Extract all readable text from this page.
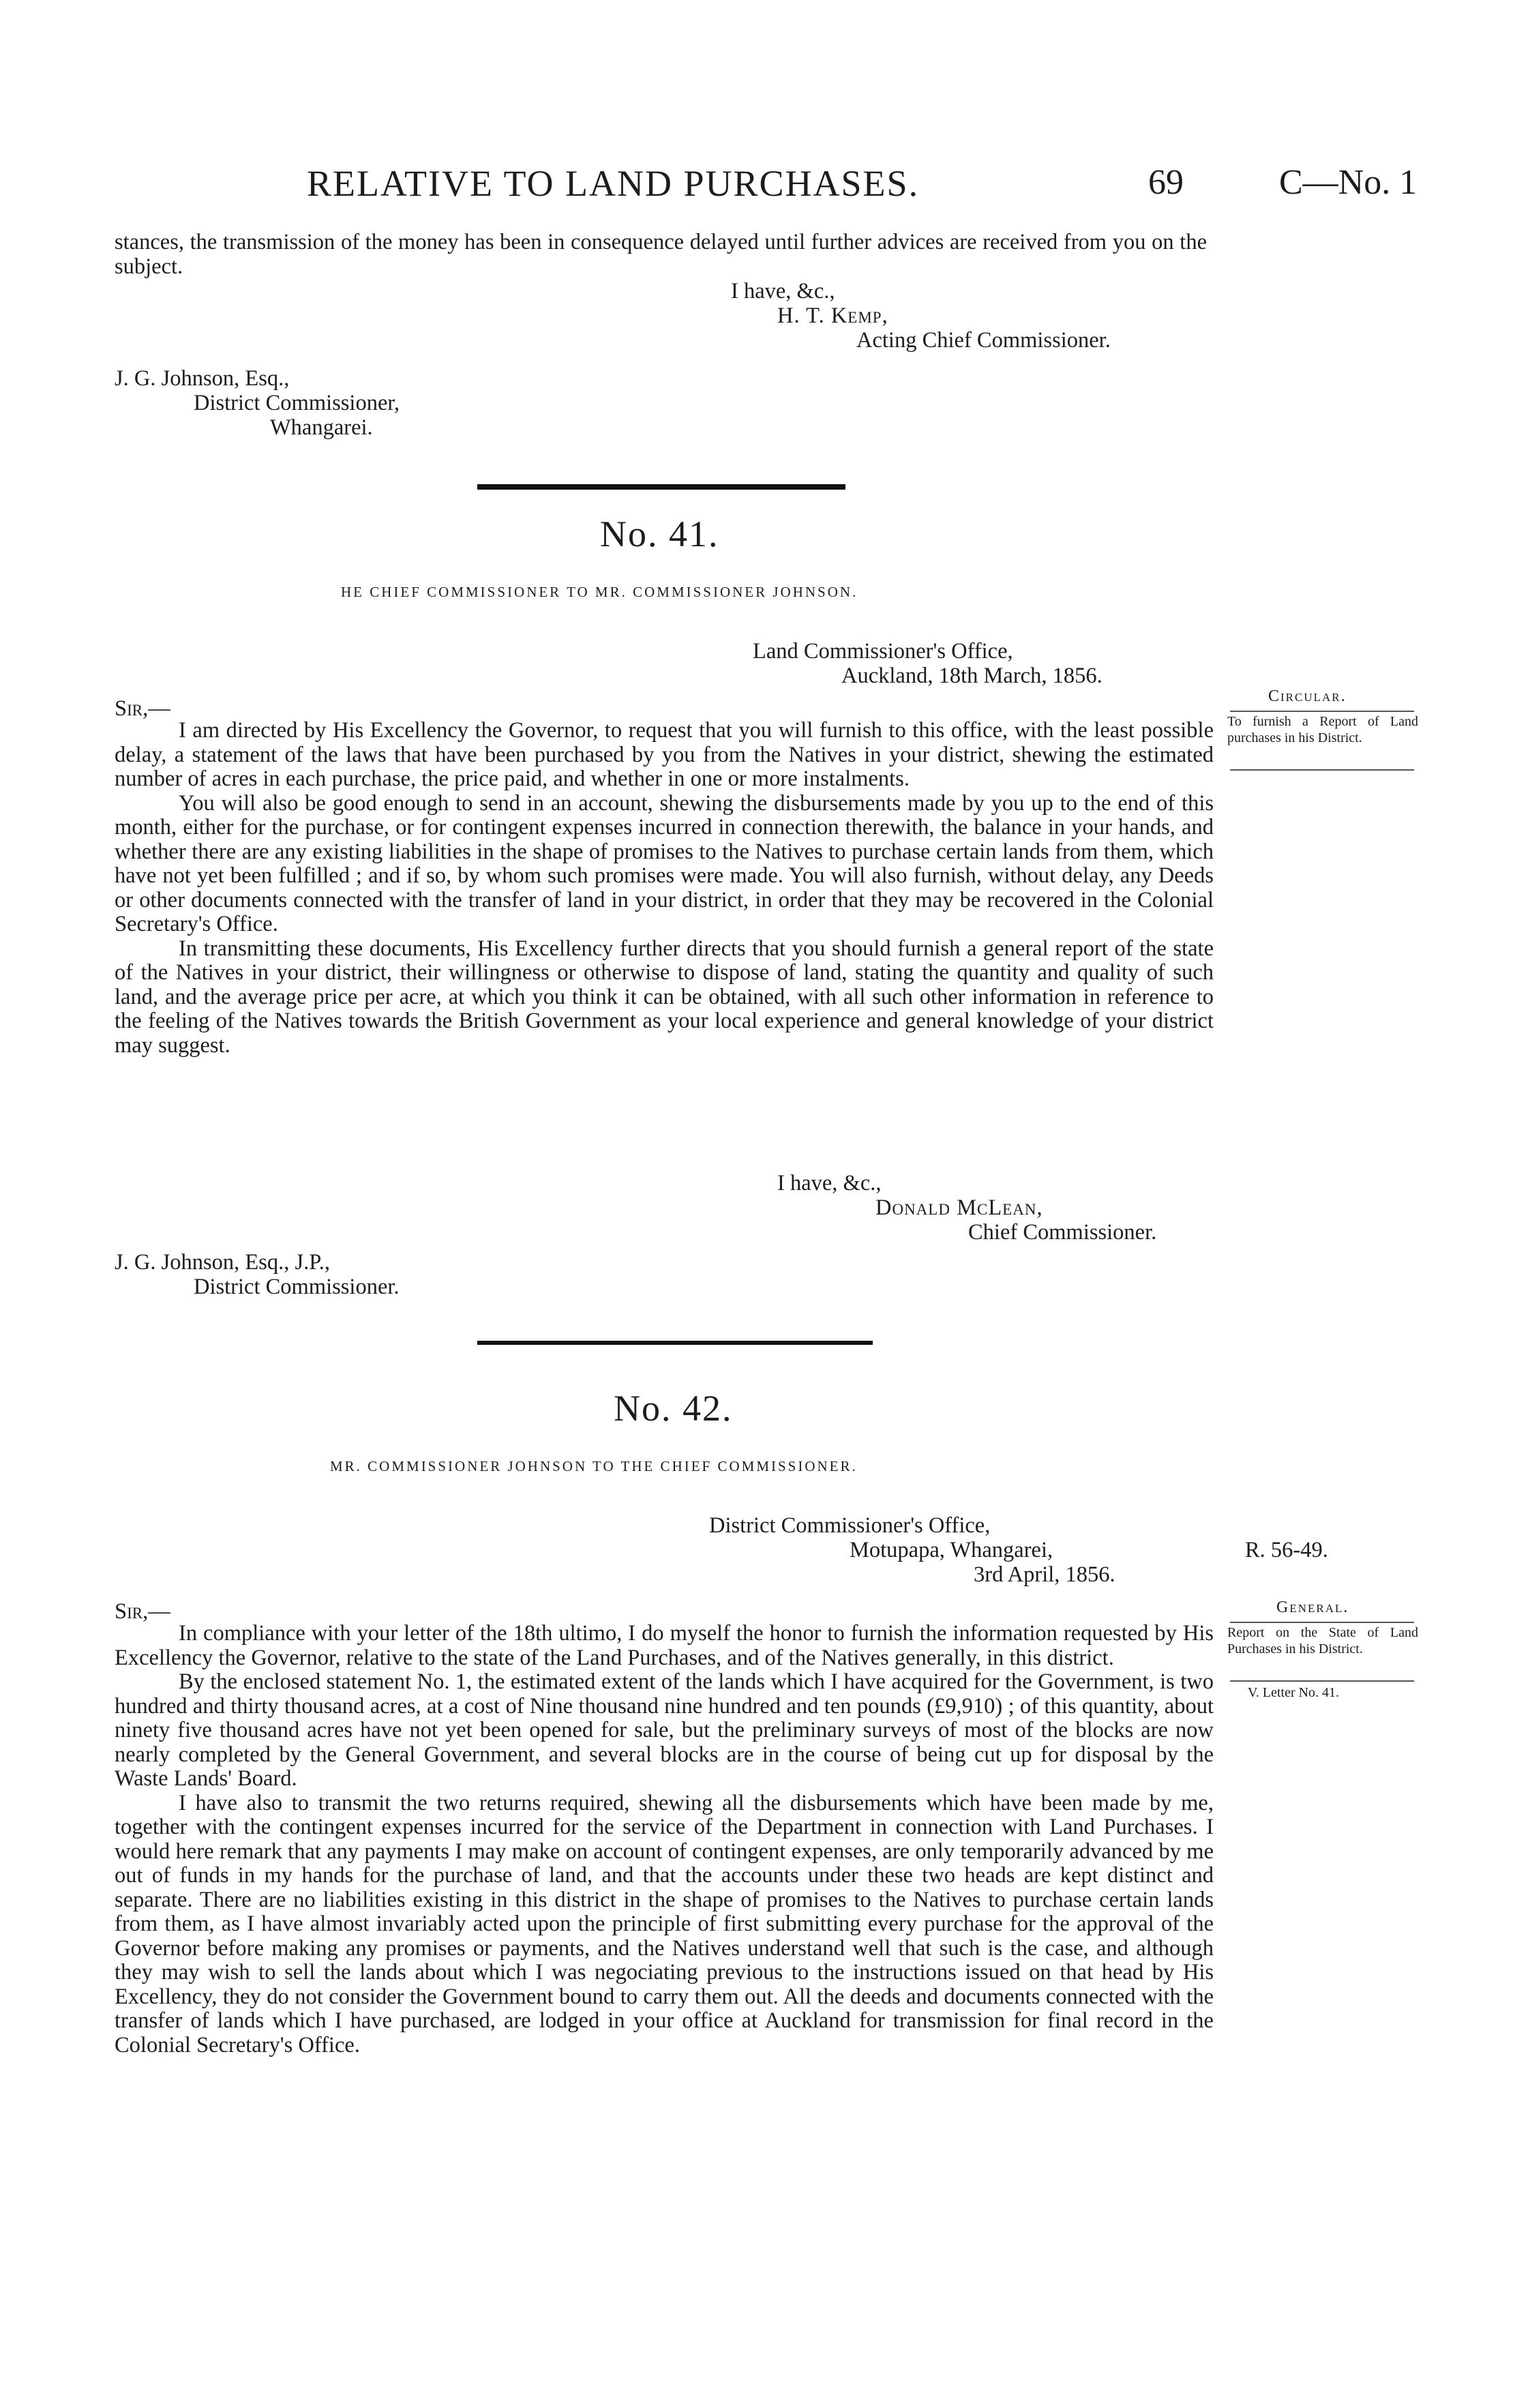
RELATIVE TO LAND PURCHASES.	69	C—No. 1

stances, the transmission of the money has been in consequence delayed until further advices are received from you on the subject.

I have, &c.,
H. T. Kemp,
Acting Chief Commissioner.
J. G. Johnson, Esq.,
District Commissioner,
Whangarei.
No. 41.
HE CHIEF COMMISSIONER TO MR. COMMISSIONER JOHNSON.
Land Commissioner's Office,
Auckland, 18th March, 1856.
Circular.
To furnish a Report of Land purchases in his District.
Sir,—

I am directed by His Excellency the Governor, to request that you will furnish to this office, with the least possible delay, a statement of the laws that have been purchased by you from the Natives in your district, shewing the estimated number of acres in each purchase, the price paid, and whether in one or more instalments.

You will also be good enough to send in an account, shewing the disbursements made by you up to the end of this month, either for the purchase, or for contingent expenses incurred in connection therewith, the balance in your hands, and whether there are any existing liabilities in the shape of promises to the Natives to purchase certain lands from them, which have not yet been fulfilled ; and if so, by whom such promises were made. You will also furnish, without delay, any Deeds or other documents connected with the transfer of land in your district, in order that they may be recovered in the Colonial Secretary's Office.

In transmitting these documents, His Excellency further directs that you should furnish a general report of the state of the Natives in your district, their willingness or otherwise to dispose of land, stating the quantity and quality of such land, and the average price per acre, at which you think it can be obtained, with all such other information in reference to the feeling of the Natives towards the British Government as your local experience and general knowledge of your district may suggest.

I have, &c.,
Donald McLean,
Chief Commissioner.
J. G. Johnson, Esq., J.P.,
District Commissioner.
No. 42.
MR. COMMISSIONER JOHNSON TO THE CHIEF COMMISSIONER.
District Commissioner's Office,
Motupapa, Whangarei,
3rd April, 1856.
R. 56-49.
General.
Report on the State of Land Purchases in his District.
V. Letter No. 41.
Sir,—

In compliance with your letter of the 18th ultimo, I do myself the honor to furnish the information requested by His Excellency the Governor, relative to the state of the Land Purchases, and of the Natives generally, in this district.

By the enclosed statement No. 1, the estimated extent of the lands which I have acquired for the Government, is two hundred and thirty thousand acres, at a cost of Nine thousand nine hundred and ten pounds (£9,910) ; of this quantity, about ninety five thousand acres have not yet been opened for sale, but the preliminary surveys of most of the blocks are now nearly completed by the General Government, and several blocks are in the course of being cut up for disposal by the Waste Lands' Board.

I have also to transmit the two returns required, shewing all the disbursements which have been made by me, together with the contingent expenses incurred for the service of the Department in connection with Land Purchases. I would here remark that any payments I may make on account of contingent expenses, are only temporarily advanced by me out of funds in my hands for the purchase of land, and that the accounts under these two heads are kept distinct and separate. There are no liabilities existing in this district in the shape of promises to the Natives to purchase certain lands from them, as I have almost invariably acted upon the principle of first submitting every purchase for the approval of the Governor before making any promises or payments, and the Natives understand well that such is the case, and although they may wish to sell the lands about which I was negociating previous to the instructions issued on that head by His Excellency, they do not consider the Government bound to carry them out. All the deeds and documents connected with the transfer of lands which I have purchased, are lodged in your office at Auckland for transmission for final record in the Colonial Secretary's Office.
